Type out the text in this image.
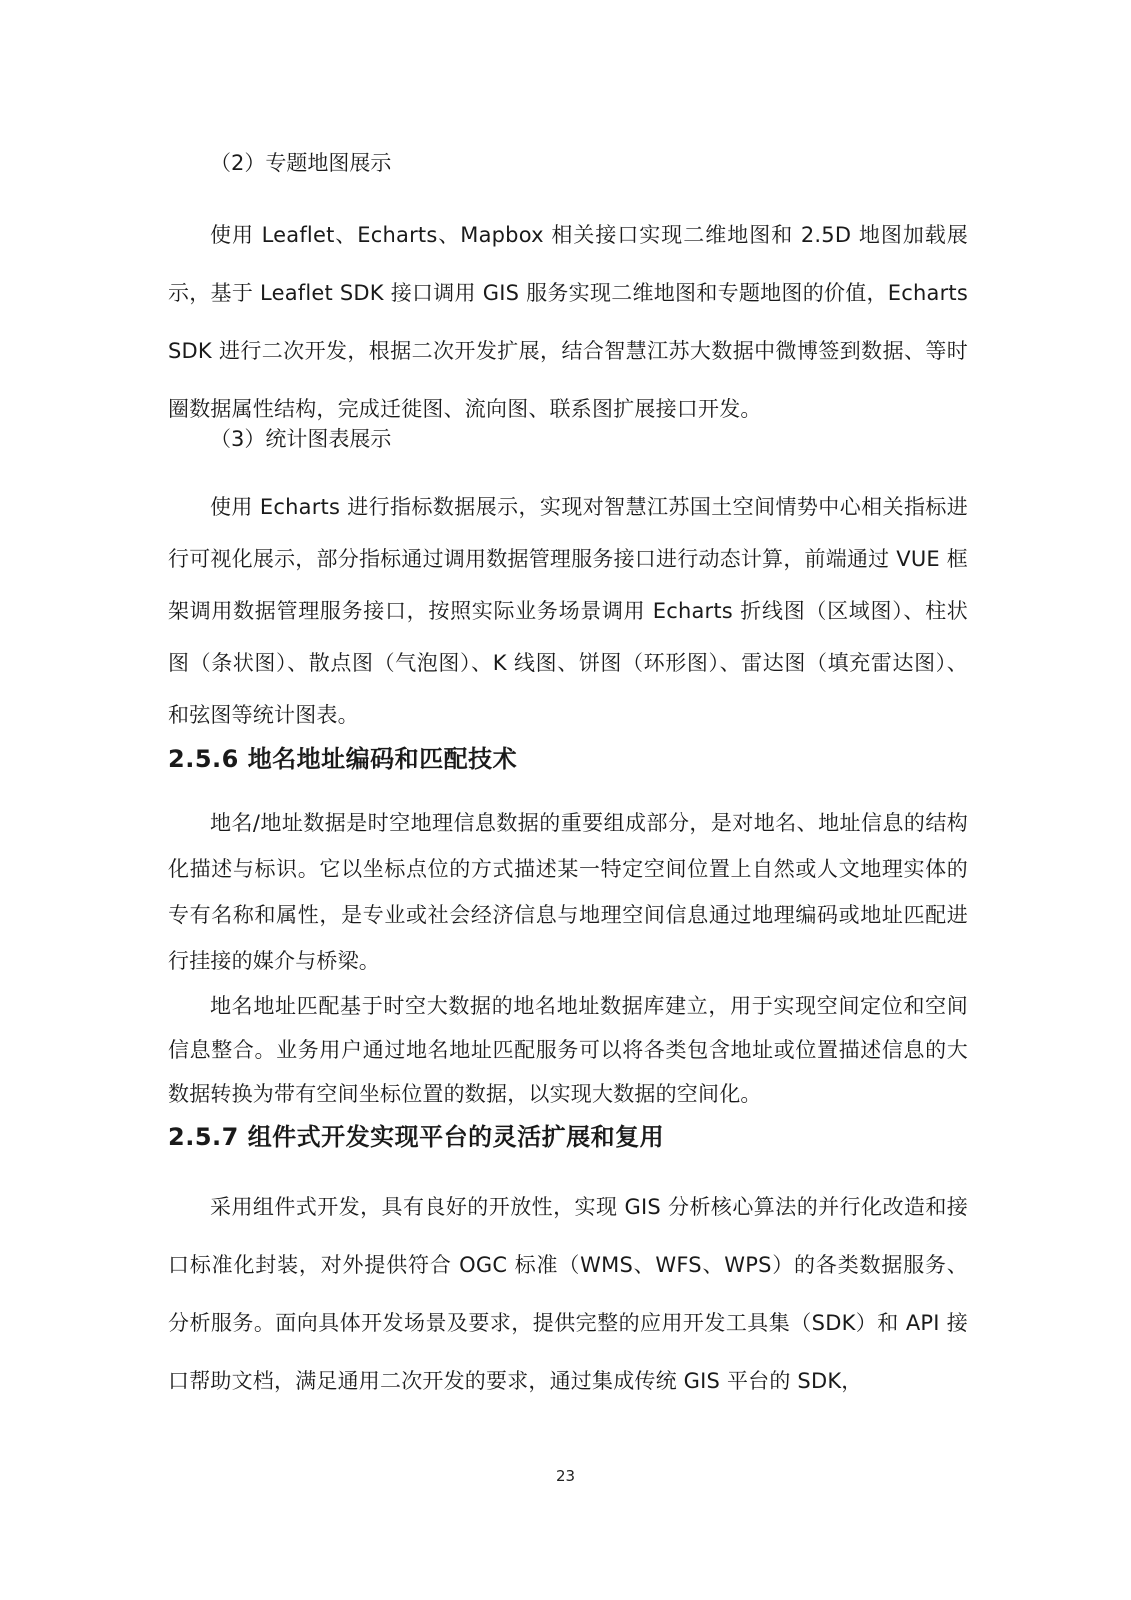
（2）专题地图展示

使用 Leaflet、Echarts、Mapbox 相关接口实现二维地图和 2.5D 地图加载展示，基于 Leaflet SDK 接口调用 GIS 服务实现二维地图和专题地图的价值，Echarts SDK 进行二次开发，根据二次开发扩展，结合智慧江苏大数据中微博签到数据、等时圈数据属性结构，完成迁徙图、流向图、联系图扩展接口开发。

（3）统计图表展示

使用 Echarts 进行指标数据展示，实现对智慧江苏国土空间情势中心相关指标进行可视化展示，部分指标通过调用数据管理服务接口进行动态计算，前端通过 VUE 框架调用数据管理服务接口，按照实际业务场景调用 Echarts 折线图（区域图）、柱状图（条状图）、散点图（气泡图）、K 线图、饼图（环形图）、雷达图（填充雷达图）、和弦图等统计图表。

2.5.6 地名地址编码和匹配技术

地名/地址数据是时空地理信息数据的重要组成部分，是对地名、地址信息的结构化描述与标识。它以坐标点位的方式描述某一特定空间位置上自然或人文地理实体的专有名称和属性，是专业或社会经济信息与地理空间信息通过地理编码或地址匹配进行挂接的媒介与桥梁。

地名地址匹配基于时空大数据的地名地址数据库建立，用于实现空间定位和空间信息整合。业务用户通过地名地址匹配服务可以将各类包含地址或位置描述信息的大数据转换为带有空间坐标位置的数据，以实现大数据的空间化。

2.5.7 组件式开发实现平台的灵活扩展和复用

采用组件式开发，具有良好的开放性，实现 GIS 分析核心算法的并行化改造和接口标准化封装，对外提供符合 OGC 标准（WMS、WFS、WPS）的各类数据服务、分析服务。面向具体开发场景及要求，提供完整的应用开发工具集（SDK）和 API 接口帮助文档，满足通用二次开发的要求，通过集成传统 GIS 平台的 SDK，

23
